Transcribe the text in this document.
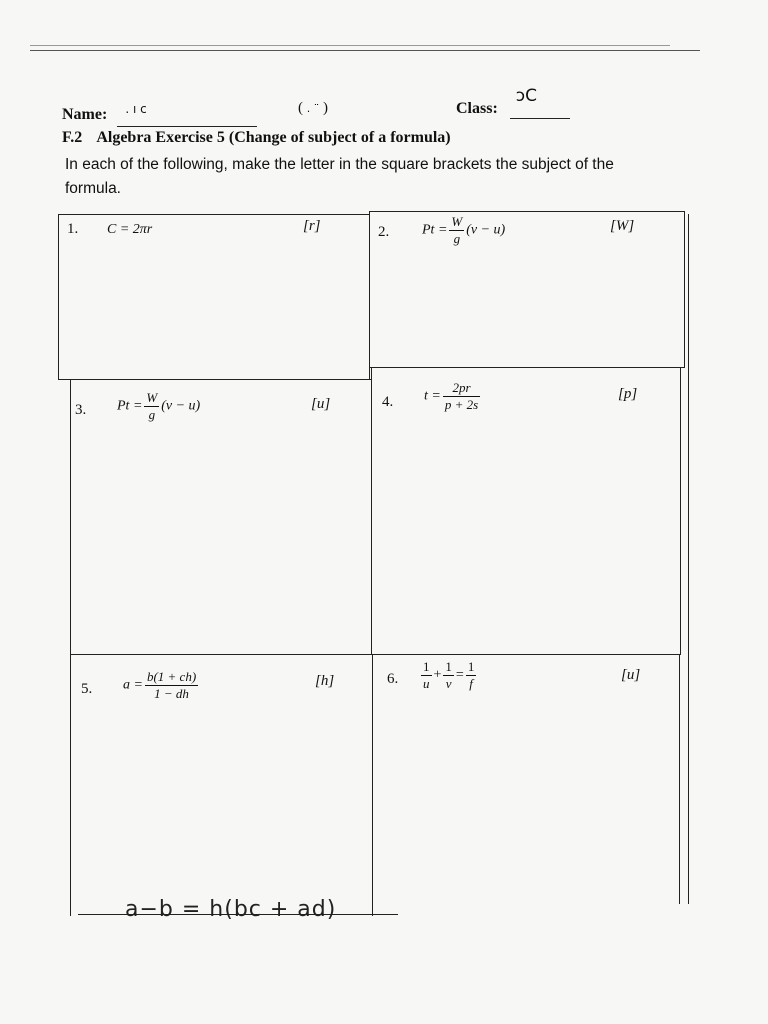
Name: . ı c
	( . ¨ )	Class:
ɔC

F.2 Algebra Exercise 5 (Change of subject of a formula)
In each of the following, make the letter in the square brackets the subject of the formula.
1. C = 2πr	[r]	2. $Pt = \frac{W}{g} (v - u)$	[W]
3. $Pt = \frac{W}{g} (v - u)$	[u]	4. $t = \frac{2pr}{p + 2s}$	[p]
5. $a = \frac{b(1 + ch)}{1 - dh}$	[h]	6. $\frac{1}{u} + \frac{1}{v} = \frac{1}{f}$	[u]
a−b = h(bc + ad)
